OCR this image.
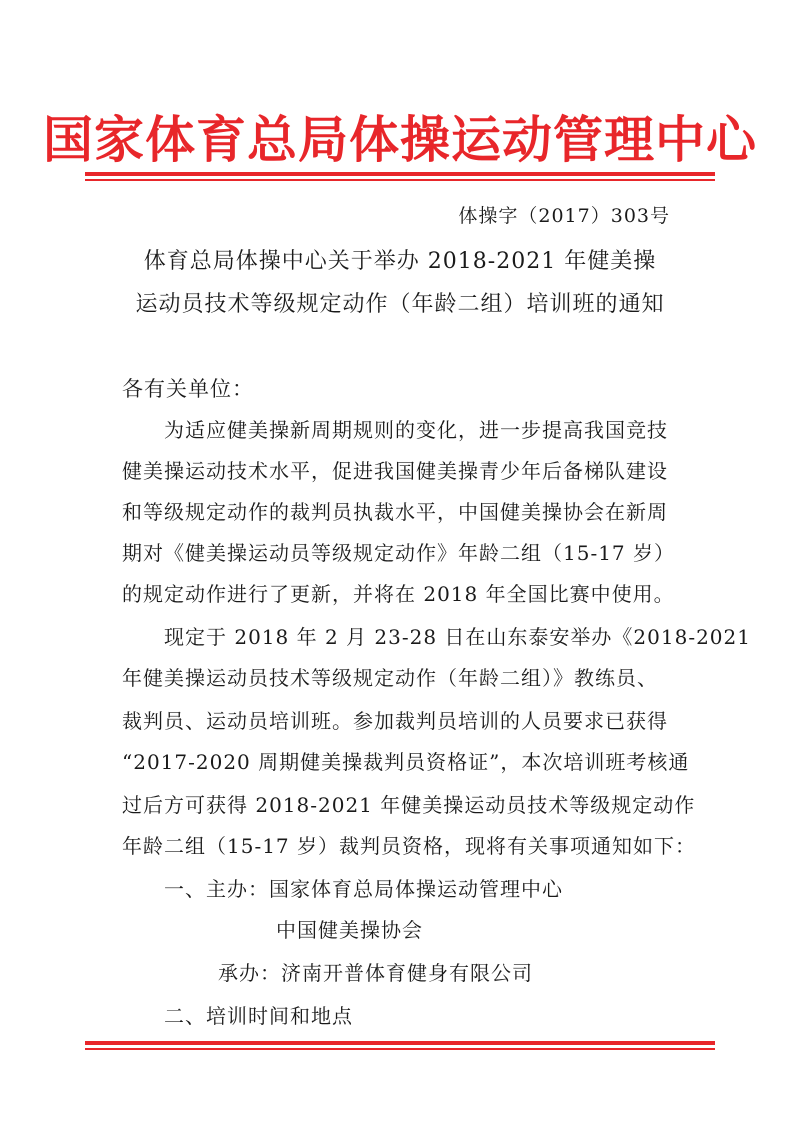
国家体育总局体操运动管理中心
体操字（2017）303号
体育总局体操中心关于举办 2018-2021 年健美操
运动员技术等级规定动作（年龄二组）培训班的通知
各有关单位：
为适应健美操新周期规则的变化，进一步提高我国竞技
健美操运动技术水平，促进我国健美操青少年后备梯队建设
和等级规定动作的裁判员执裁水平，中国健美操协会在新周
期对《健美操运动员等级规定动作》年龄二组（15-17 岁）
的规定动作进行了更新，并将在 2018 年全国比赛中使用。
现定于 2018 年 2 月 23-28 日在山东泰安举办《2018-2021
年健美操运动员技术等级规定动作（年龄二组）》教练员、
裁判员、运动员培训班。参加裁判员培训的人员要求已获得
“2017-2020 周期健美操裁判员资格证”，本次培训班考核通
过后方可获得 2018-2021 年健美操运动员技术等级规定动作
年龄二组（15-17 岁）裁判员资格，现将有关事项通知如下：
一、主办：国家体育总局体操运动管理中心
中国健美操协会
承办：济南开普体育健身有限公司
二、培训时间和地点
